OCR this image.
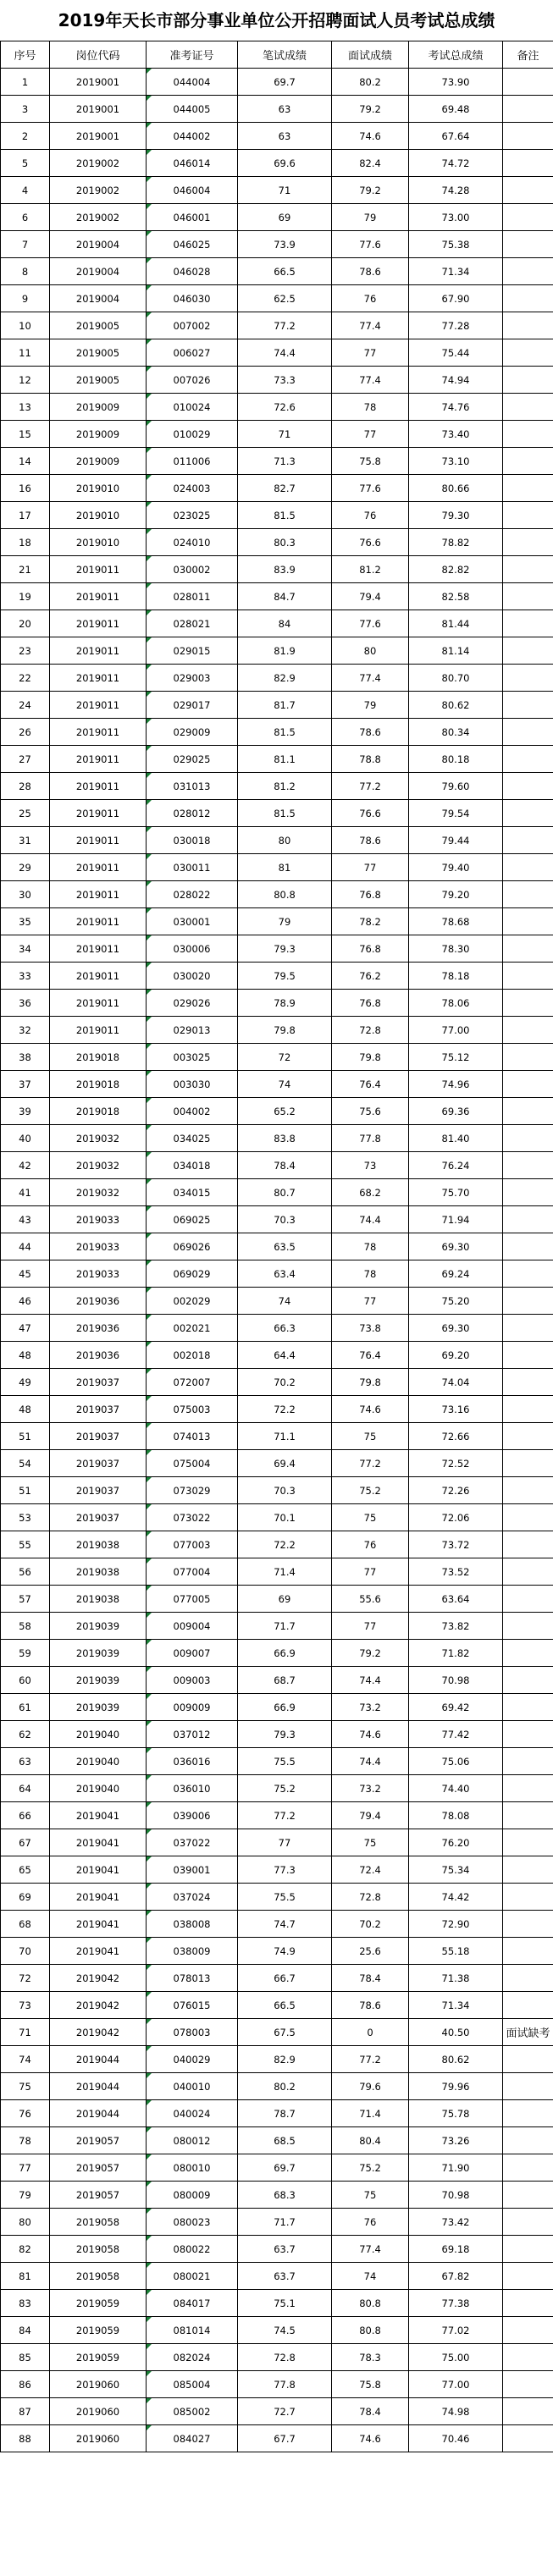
2019年天长市部分事业单位公开招聘面试人员考试总成绩
序号	岗位代码	准考证号	笔试成绩	面试成绩	考试总成绩	备注
1	2019001	044004	69.7	80.2	73.90	
3	2019001	044005	63	79.2	69.48	
2	2019001	044002	63	74.6	67.64	
5	2019002	046014	69.6	82.4	74.72	
4	2019002	046004	71	79.2	74.28	
6	2019002	046001	69	79	73.00	
7	2019004	046025	73.9	77.6	75.38	
8	2019004	046028	66.5	78.6	71.34	
9	2019004	046030	62.5	76	67.90	
10	2019005	007002	77.2	77.4	77.28	
11	2019005	006027	74.4	77	75.44	
12	2019005	007026	73.3	77.4	74.94	
13	2019009	010024	72.6	78	74.76	
15	2019009	010029	71	77	73.40	
14	2019009	011006	71.3	75.8	73.10	
16	2019010	024003	82.7	77.6	80.66	
17	2019010	023025	81.5	76	79.30	
18	2019010	024010	80.3	76.6	78.82	
21	2019011	030002	83.9	81.2	82.82	
19	2019011	028011	84.7	79.4	82.58	
20	2019011	028021	84	77.6	81.44	
23	2019011	029015	81.9	80	81.14	
22	2019011	029003	82.9	77.4	80.70	
24	2019011	029017	81.7	79	80.62	
26	2019011	029009	81.5	78.6	80.34	
27	2019011	029025	81.1	78.8	80.18	
28	2019011	031013	81.2	77.2	79.60	
25	2019011	028012	81.5	76.6	79.54	
31	2019011	030018	80	78.6	79.44	
29	2019011	030011	81	77	79.40	
30	2019011	028022	80.8	76.8	79.20	
35	2019011	030001	79	78.2	78.68	
34	2019011	030006	79.3	76.8	78.30	
33	2019011	030020	79.5	76.2	78.18	
36	2019011	029026	78.9	76.8	78.06	
32	2019011	029013	79.8	72.8	77.00	
38	2019018	003025	72	79.8	75.12	
37	2019018	003030	74	76.4	74.96	
39	2019018	004002	65.2	75.6	69.36	
40	2019032	034025	83.8	77.8	81.40	
42	2019032	034018	78.4	73	76.24	
41	2019032	034015	80.7	68.2	75.70	
43	2019033	069025	70.3	74.4	71.94	
44	2019033	069026	63.5	78	69.30	
45	2019033	069029	63.4	78	69.24	
46	2019036	002029	74	77	75.20	
47	2019036	002021	66.3	73.8	69.30	
48	2019036	002018	64.4	76.4	69.20	
49	2019037	072007	70.2	79.8	74.04	
48	2019037	075003	72.2	74.6	73.16	
51	2019037	074013	71.1	75	72.66	
54	2019037	075004	69.4	77.2	72.52	
51	2019037	073029	70.3	75.2	72.26	
53	2019037	073022	70.1	75	72.06	
55	2019038	077003	72.2	76	73.72	
56	2019038	077004	71.4	77	73.52	
57	2019038	077005	69	55.6	63.64	
58	2019039	009004	71.7	77	73.82	
59	2019039	009007	66.9	79.2	71.82	
60	2019039	009003	68.7	74.4	70.98	
61	2019039	009009	66.9	73.2	69.42	
62	2019040	037012	79.3	74.6	77.42	
63	2019040	036016	75.5	74.4	75.06	
64	2019040	036010	75.2	73.2	74.40	
66	2019041	039006	77.2	79.4	78.08	
67	2019041	037022	77	75	76.20	
65	2019041	039001	77.3	72.4	75.34	
69	2019041	037024	75.5	72.8	74.42	
68	2019041	038008	74.7	70.2	72.90	
70	2019041	038009	74.9	25.6	55.18	
72	2019042	078013	66.7	78.4	71.38	
73	2019042	076015	66.5	78.6	71.34	
71	2019042	078003	67.5	0	40.50	面试缺考
74	2019044	040029	82.9	77.2	80.62	
75	2019044	040010	80.2	79.6	79.96	
76	2019044	040024	78.7	71.4	75.78	
78	2019057	080012	68.5	80.4	73.26	
77	2019057	080010	69.7	75.2	71.90	
79	2019057	080009	68.3	75	70.98	
80	2019058	080023	71.7	76	73.42	
82	2019058	080022	63.7	77.4	69.18	
81	2019058	080021	63.7	74	67.82	
83	2019059	084017	75.1	80.8	77.38	
84	2019059	081014	74.5	80.8	77.02	
85	2019059	082024	72.8	78.3	75.00	
86	2019060	085004	77.8	75.8	77.00	
87	2019060	085002	72.7	78.4	74.98	
88	2019060	084027	67.7	74.6	70.46	
